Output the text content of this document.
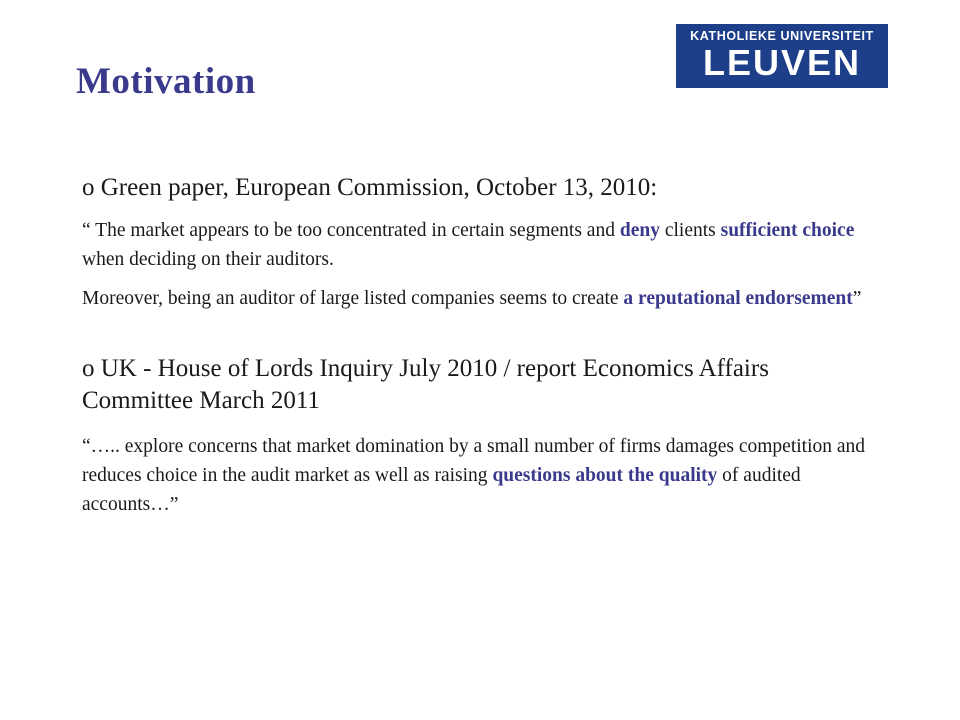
Motivation
KATHOLIEKE UNIVERSITEIT
LEUVEN

o Green paper, European Commission, October 13, 2010:

“ The market appears to be too concentrated in certain segments and deny clients sufficient choice when deciding on their auditors.

Moreover, being an auditor of large listed companies seems to create a reputational endorsement”

o UK - House of Lords Inquiry July 2010 / report Economics Affairs Committee March 2011

“….. explore concerns that market domination by a small number of firms damages competition and reduces choice in the audit market as well as raising questions about the quality of audited accounts…”
